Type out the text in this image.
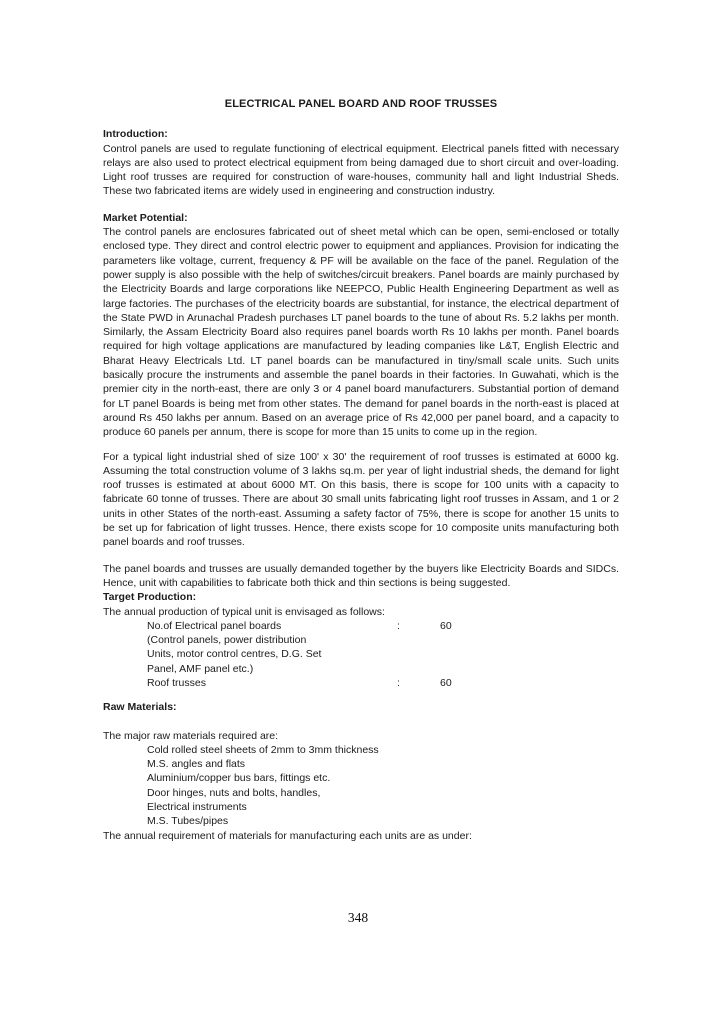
ELECTRICAL PANEL BOARD AND ROOF TRUSSES
Introduction:

Control panels are used to regulate functioning of electrical equipment. Electrical panels fitted with necessary relays are also used to protect electrical equipment from being damaged due to short circuit and over-loading. Light roof trusses are required for construction of ware-houses, community hall and light Industrial Sheds. These two fabricated items are widely used in engineering and construction industry.

Market Potential:

The control panels are enclosures fabricated out of sheet metal which can be open, semi-enclosed or totally enclosed type. They direct and control electric power to equipment and appliances. Provision for indicating the parameters like voltage, current, frequency & PF will be available on the face of the panel. Regulation of the power supply is also possible with the help of switches/circuit breakers. Panel boards are mainly purchased by the Electricity Boards and large corporations like NEEPCO, Public Health Engineering Department as well as large factories. The purchases of the electricity boards are substantial, for instance, the electrical department of the State PWD in Arunachal Pradesh purchases LT panel boards to the tune of about Rs. 5.2 lakhs per month. Similarly, the Assam Electricity Board also requires panel boards worth Rs 10 lakhs per month. Panel boards required for high voltage applications are manufactured by leading companies like L&T, English Electric and Bharat Heavy Electricals Ltd. LT panel boards can be manufactured in tiny/small scale units. Such units basically procure the instruments and assemble the panel boards in their factories. In Guwahati, which is the premier city in the north-east, there are only 3 or 4 panel board manufacturers. Substantial portion of demand for LT panel Boards is being met from other states. The demand for panel boards in the north-east is placed at around Rs 450 lakhs per annum. Based on an average price of Rs 42,000 per panel board, and a capacity to produce 60 panels per annum, there is scope for more than 15 units to come up in the region.

For a typical light industrial shed of size 100' x 30' the requirement of roof trusses is estimated at 6000 kg. Assuming the total construction volume of 3 lakhs sq.m. per year of light industrial sheds, the demand for light roof trusses is estimated at about 6000 MT. On this basis, there is scope for 100 units with a capacity to fabricate 60 tonne of trusses. There are about 30 small units fabricating light roof trusses in Assam, and 1 or 2 units in other States of the north-east. Assuming a safety factor of 75%, there is scope for another 15 units to be set up for fabrication of light trusses. Hence, there exists scope for 10 composite units manufacturing both panel boards and roof trusses.

The panel boards and trusses are usually demanded together by the buyers like Electricity Boards and SIDCs. Hence, unit with capabilities to fabricate both thick and thin sections is being suggested.

Target Production:

The annual production of typical unit is envisaged as follows:

No.of Electrical panel boards	:	60
(Control panels, power distribution
Units, motor control centres, D.G. Set
Panel, AMF panel etc.)
Roof trusses	:	60
Raw Materials:

The major raw materials required are:

Cold rolled steel sheets of 2mm to 3mm thickness
M.S. angles and flats
Aluminium/copper bus bars, fittings etc.
Door hinges, nuts and bolts, handles,
Electrical instruments
M.S. Tubes/pipes

The annual requirement of materials for manufacturing each units are as under:

348
